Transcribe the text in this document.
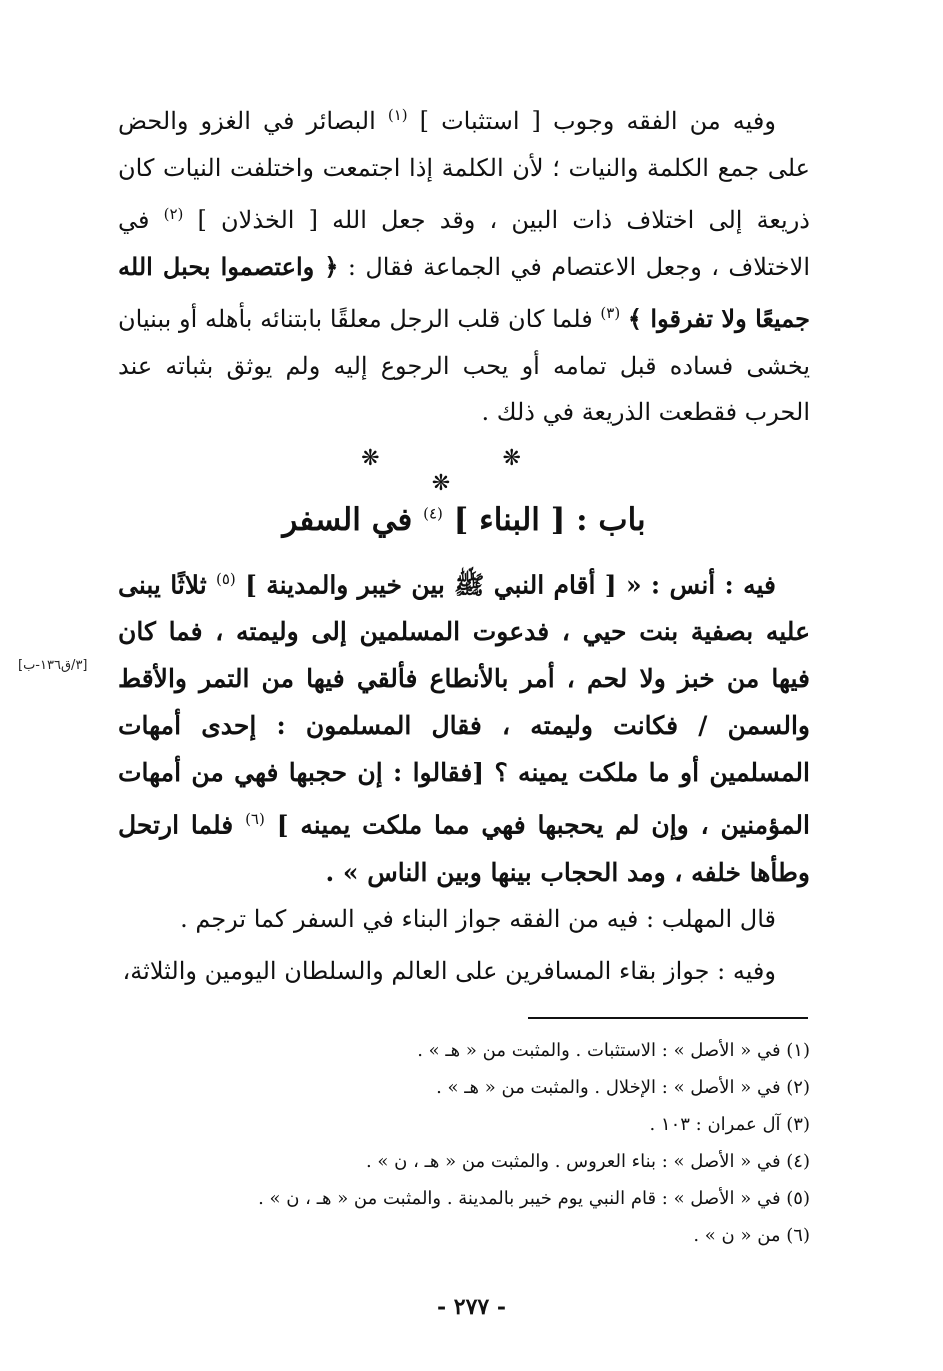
وفيه من الفقه وجوب [ استثبات ] $^{(١)}$ البصائر في الغزو والحض على جمع الكلمة والنيات ؛ لأن الكلمة إذا اجتمعت واختلفت النيات كان ذريعة إلى اختلاف ذات البين ، وقد جعل الله [ الخذلان ] $^{(٢)}$ في الاختلاف ، وجعل الاعتصام في الجماعة فقال : ﴿ واعتصموا بحبل الله جميعًا ولا تفرقوا ﴾ $^{(٣)}$ فلما كان قلب الرجل معلقًا بابتنائه بأهله أو ببنيان يخشى فساده قبل تمامه أو يحب الرجوع إليه ولم يوثق بثباته عند الحرب فقطعت الذريعة في ذلك .
❋ ❋ ❋
باب : [ البناء ] $^{(٤)}$ في السفر
فيه : أنس : « [ أقام النبي ﷺ بين خيبر والمدينة ] $^{(٥)}$ ثلاثًا يبنى عليه بصفية بنت حيي ، فدعوت المسلمين إلى وليمته ، فما كان فيها من خبز ولا لحم ، أمر بالأنطاع فألقي فيها من التمر والأقط والسمن / فكانت وليمته ، فقال المسلمون : إحدى أمهات المسلمين أو ما ملكت يمينه ؟ [فقالوا : إن حجبها فهي من أمهات المؤمنين ، وإن لم يحجبها فهي مما ملكت يمينه ] $^{(٦)}$ فلما ارتحل وطأها خلفه ، ومد الحجاب بينها وبين الناس » .
[٣/ق١٣٦-ب]
قال المهلب : فيه من الفقه جواز البناء في السفر كما ترجم .
وفيه : جواز بقاء المسافرين على العالم والسلطان اليومين والثلاثة،
(١) في « الأصل » : الاستثبات . والمثبت من « هـ » .
(٢) في « الأصل » : الإخلال . والمثبت من « هـ » .
(٣) آل عمران : ١٠٣ .
(٤) في « الأصل » : بناء العروس . والمثبت من « هـ ، ن » .
(٥) في « الأصل » : قام النبي يوم خيبر بالمدينة . والمثبت من « هـ ، ن » .
(٦) من « ن » .
- ٢٧٧ -
